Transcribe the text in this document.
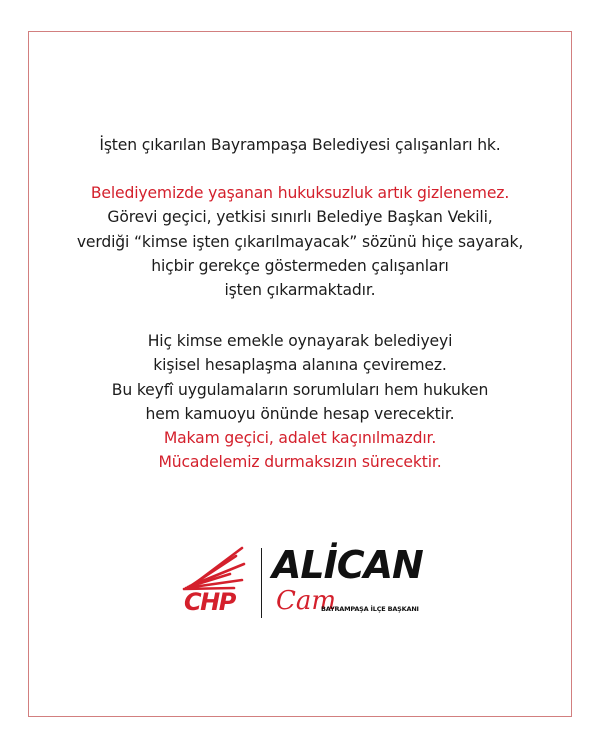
İşten çıkarılan Bayrampaşa Belediyesi çalışanları hk.
Belediyemizde yaşanan hukuksuzluk artık gizlenemez.
Görevi geçici, yetkisi sınırlı Belediye Başkan Vekili,
verdiği “kimse işten çıkarılmayacak” sözünü hiçe sayarak,
hiçbir gerekçe göstermeden çalışanları
işten çıkarmaktadır.
Hiç kimse emekle oynayarak belediyeyi
kişisel hesaplaşma alanına çeviremez.
Bu keyfî uygulamaların sorumluları hem hukuken
hem kamuoyu önünde hesap verecektir.
Makam geçici, adalet kaçınılmazdır.
Mücadelemiz durmaksızın sürecektir.
CHP
ALİCAN
Cam
BAYRAMPAŞA İLÇE BAŞKANI
